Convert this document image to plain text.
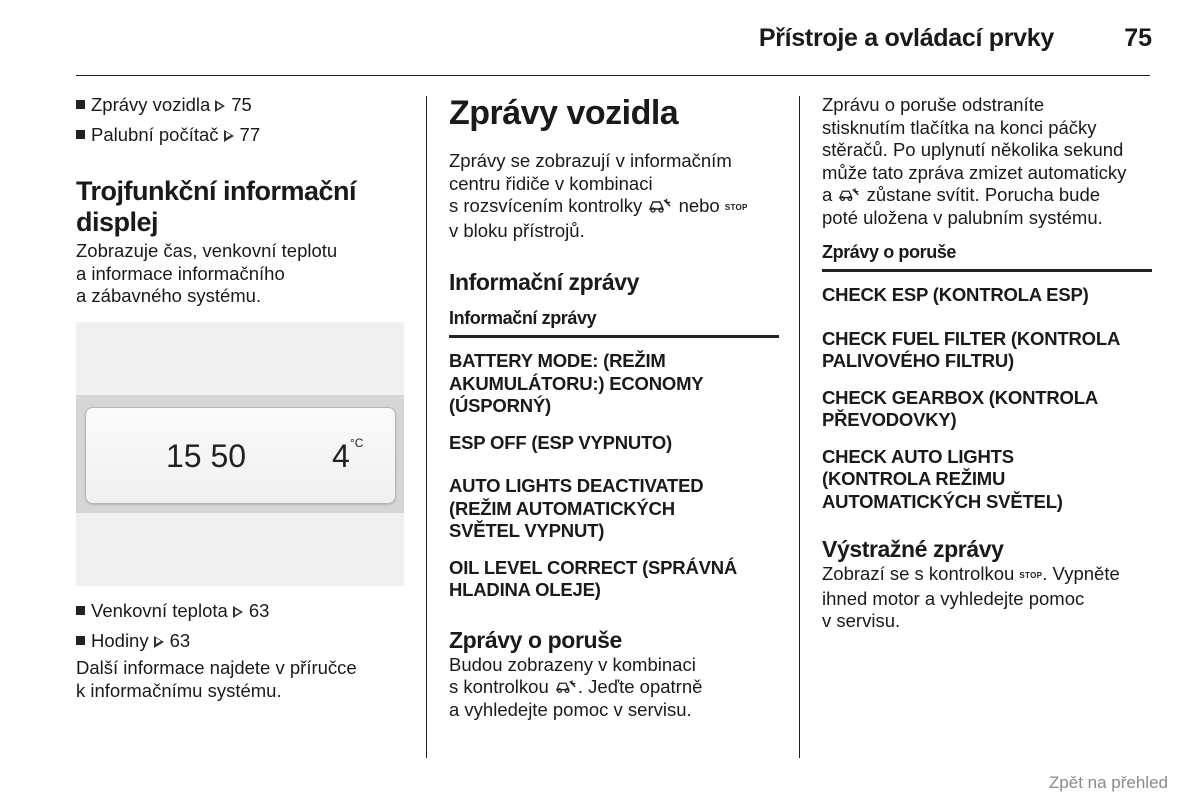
Přístroje a ovládací prvky	75
Zprávy vozidla 75
Palubní počítač 77
Trojfunkční informační
displej
Zobrazuje čas, venkovní teplotu
a informace informačního
a zábavného systému.
15 50	4 °C
Venkovní teplota 63
Hodiny 63
Další informace najdete v příručce
k informačnímu systému.
Zprávy vozidla
Zprávy se zobrazují v informačním
centru řidiče v kombinaci
s rozsvícením kontrolky nebo STOP
v bloku přístrojů.
Informační zprávy
Informační zprávy
BATTERY MODE: (REŽIM
AKUMULÁTORU:) ECONOMY
(ÚSPORNÝ)
ESP OFF (ESP VYPNUTO)
AUTO LIGHTS DEACTIVATED
(REŽIM AUTOMATICKÝCH
SVĚTEL VYPNUT)
OIL LEVEL CORRECT (SPRÁVNÁ
HLADINA OLEJE)
Zprávy o poruše
Budou zobrazeny v kombinaci
s kontrolkou . Jeďte opatrně
a vyhledejte pomoc v servisu.
Zprávu o poruše odstraníte
stisknutím tlačítka na konci páčky
stěračů. Po uplynutí několika sekund
může tato zpráva zmizet automaticky
a zůstane svítit. Porucha bude
poté uložena v palubním systému.
Zprávy o poruše
CHECK ESP (KONTROLA ESP)
CHECK FUEL FILTER (KONTROLA
PALIVOVÉHO FILTRU)
CHECK GEARBOX (KONTROLA
PŘEVODOVKY)
CHECK AUTO LIGHTS
(KONTROLA REŽIMU
AUTOMATICKÝCH SVĚTEL)
Výstražné zprávy
Zobrazí se s kontrolkou STOP. Vypněte
ihned motor a vyhledejte pomoc
v servisu.
Zpět na přehled
